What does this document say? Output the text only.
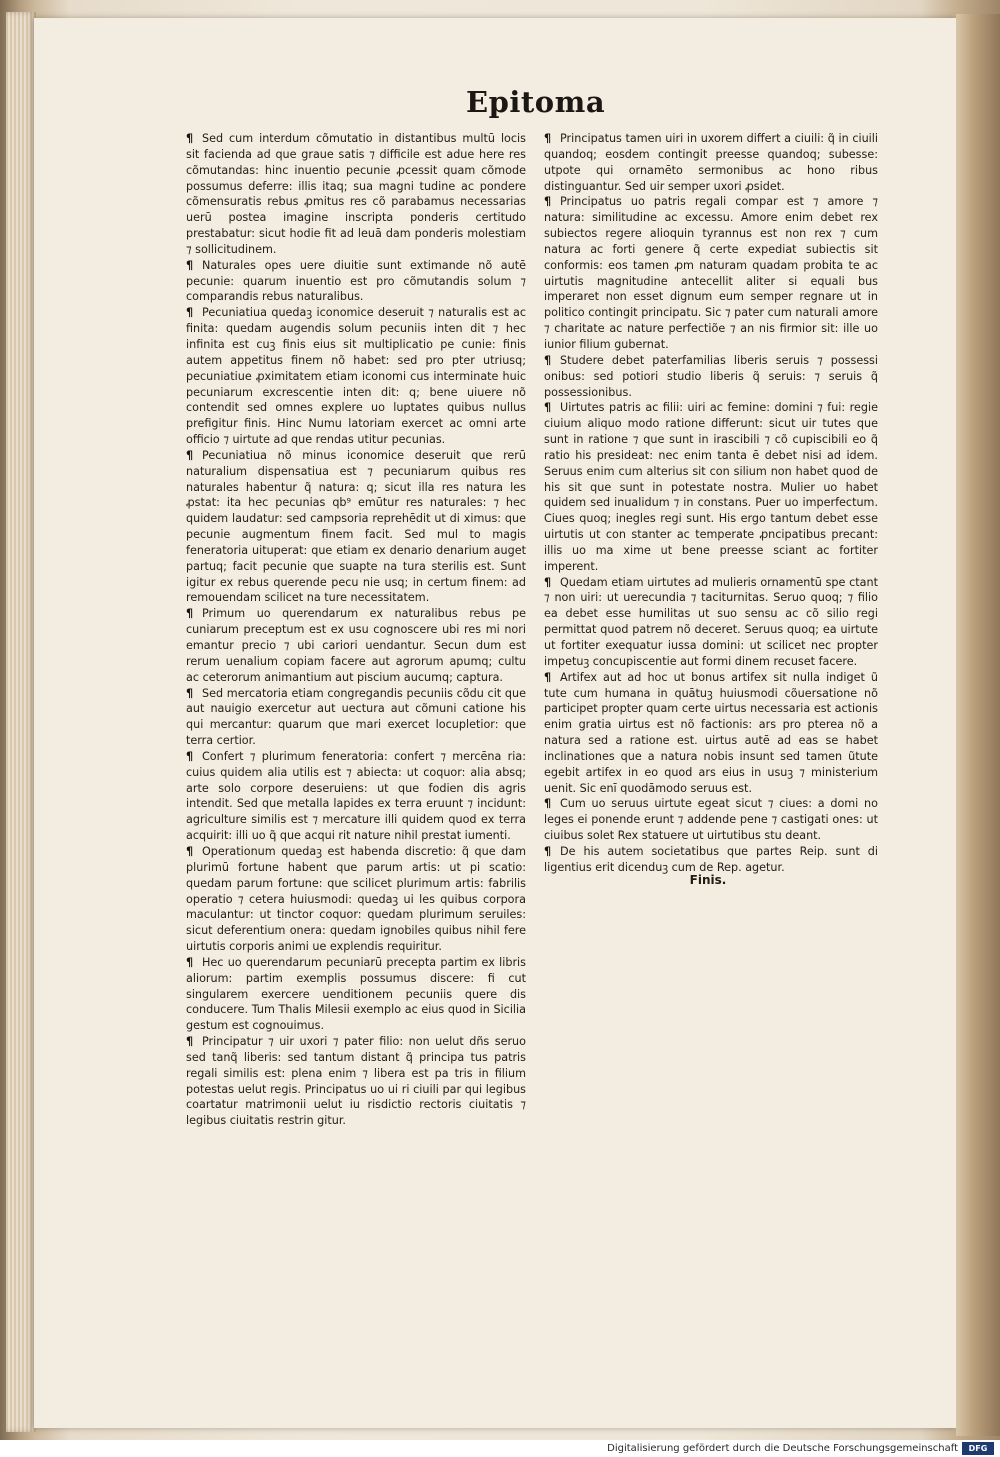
Epitoma

¶ Sed cum interdum cõmutatio in distantibus multū locis sit facienda ad que graue satis ⁊ difficile est adue here res cõmutandas: hinc inuentio pecunie ꝓcessit quam cõmode possumus deferre: illis itaq; sua magni tudine ac pondere cõmensuratis rebus ꝓmitus res cõ parabamus necessarias uerū postea imagine inscripta ponderis certitudo prestabatur: sicut hodie fit ad leuā dam ponderis molestiam ⁊ sollicitudinem.

¶ Naturales opes uere diuitie sunt extimande nõ autē pecunie: quarum inuentio est pro cõmutandis solum ⁊ comparandis rebus naturalibus.

¶ Pecuniatiua quedaꝫ iconomice deseruit ⁊ naturalis est ac finita: quedam augendis solum pecuniis inten dit ⁊ hec infinita est cuꝫ finis eius sit multiplicatio pe cunie: finis autem appetitus finem nõ habet: sed pro pter utriusq; pecuniatiue ꝓximitatem etiam iconomi cus interminate huic pecuniarum excrescentie inten dit: q; bene uiuere nõ contendit sed omnes explere uo luptates quibus nullus prefigitur finis. Hinc Numu latoriam exercet ac omni arte officio ⁊ uirtute ad que rendas utitur pecunias.

¶ Pecuniatiua nõ minus iconomice deseruit que rerū naturalium dispensatiua est ⁊ pecuniarum quibus res naturales habentur q̃ natura: q; sicut illa res natura les ꝓstat: ita hec pecunias qb⁹ emūtur res naturales: ⁊ hec quidem laudatur: sed campsoria reprehēdit ut di ximus: que pecunie augmentum finem facit. Sed mul to magis feneratoria uituperat: que etiam ex denario denarium auget partuq; facit pecunie que suapte na tura sterilis est. Sunt igitur ex rebus querende pecu nie usq; in certum finem: ad remouendam scilicet na ture necessitatem.

¶ Primum uo querendarum ex naturalibus rebus pe cuniarum preceptum est ex usu cognoscere ubi res mi nori emantur precio ⁊ ubi cariori uendantur. Secun dum est rerum uenalium copiam facere aut agrorum apumq; cultu ac ceterorum animantium aut piscium aucumq; captura.

¶ Sed mercatoria etiam congregandis pecuniis cõdu cit que aut nauigio exercetur aut uectura aut cõmuni catione his qui mercantur: quarum que mari exercet locupletior: que terra certior.

¶ Confert ⁊ plurimum feneratoria: confert ⁊ mercēna ria: cuius quidem alia utilis est ⁊ abiecta: ut coquor: alia absq; arte solo corpore deseruiens: ut que fodien dis agris intendit. Sed que metalla lapides ex terra eruunt ⁊ incidunt: agriculture similis est ⁊ mercature illi quidem quod ex terra acquirit: illi uo q̃ que acqui rit nature nihil prestat iumenti.

¶ Operationum quedaꝫ est habenda discretio: q̃ que dam plurimū fortune habent que parum artis: ut pi scatio: quedam parum fortune: que scilicet plurimum artis: fabrilis operatio ⁊ cetera huiusmodi: quedaꝫ ui les quibus corpora maculantur: ut tinctor coquor: quedam plurimum seruiles: sicut deferentium onera: quedam ignobiles quibus nihil fere uirtutis corporis animi ue explendis requiritur.

¶ Hec uo querendarum pecuniarū precepta partim ex libris aliorum: partim exemplis possumus discere: fi cut singularem exercere uenditionem pecuniis quere dis conducere. Tum Thalis Milesii exemplo ac eius quod in Sicilia gestum est cognouimus.

¶ Principatur ⁊ uir uxori ⁊ pater filio: non uelut dñs seruo sed tanq̃ liberis: sed tantum distant q̃ principa tus patris regali similis est: plena enim ⁊ libera est pa tris in filium potestas uelut regis. Principatus uo ui ri ciuili par qui legibus coartatur matrimonii uelut iu risdictio rectoris ciuitatis ⁊ legibus ciuitatis restrin gitur.

¶ Principatus tamen uiri in uxorem differt a ciuili: q̃ in ciuili quandoq; eosdem contingit preesse quandoq; subesse: utpote qui ornamēto sermonibus ac hono ribus distinguantur. Sed uir semper uxori ꝓsidet.

¶ Principatus uo patris regali compar est ⁊ amore ⁊ natura: similitudine ac excessu. Amore enim debet rex subiectos regere alioquin tyrannus est non rex ⁊ cum natura ac forti genere q̃ certe expediat subiectis sit conformis: eos tamen ꝓm naturam quadam probita te ac uirtutis magnitudine antecellit aliter si equali bus imperaret non esset dignum eum semper regnare ut in politico contingit principatu. Sic ⁊ pater cum naturali amore ⁊ charitate ac nature perfectiõe ⁊ an nis firmior sit: ille uo iunior filium gubernat.

¶ Studere debet paterfamilias liberis seruis ⁊ possessi onibus: sed potiori studio liberis q̃ seruis: ⁊ seruis q̃ possessionibus.

¶ Uirtutes patris ac filii: uiri ac femine: domini ⁊ fui: regie ciuium aliquo modo ratione differunt: sicut uir tutes que sunt in ratione ⁊ que sunt in irascibili ⁊ cõ cupiscibili eo q̃ ratio his presideat: nec enim tanta ē debet nisi ad idem. Seruus enim cum alterius sit con silium non habet quod de his sit que sunt in potestate nostra. Mulier uo habet quidem sed inualidum ⁊ in constans. Puer uo imperfectum. Ciues quoq; inegles regi sunt. His ergo tantum debet esse uirtutis ut con stanter ac temperate ꝓncipatibus precant: illis uo ma xime ut bene preesse sciant ac fortiter imperent.

¶ Quedam etiam uirtutes ad mulieris ornamentū spe ctant ⁊ non uiri: ut uerecundia ⁊ taciturnitas. Seruo quoq; ⁊ filio ea debet esse humilitas ut suo sensu ac cõ silio regi permittat quod patrem nõ deceret. Seruus quoq; ea uirtute ut fortiter exequatur iussa domini: ut scilicet nec propter impetuꝫ concupiscentie aut formi dinem recuset facere.

¶ Artifex aut ad hoc ut bonus artifex sit nulla indiget ũ tute cum humana in quātuꝫ huiusmodi cõuersatione nõ participet propter quam certe uirtus necessaria est actionis enim gratia uirtus est nõ factionis: ars pro pterea nõ a natura sed a ratione est. uirtus autē ad eas se habet inclinationes que a natura nobis insunt sed tamen ũtute egebit artifex in eo quod ars eius in usuꝫ ⁊ ministerium uenit. Sic enī quodāmodo seruus est.

¶ Cum uo seruus uirtute egeat sicut ⁊ ciues: a domi no leges ei ponende erunt ⁊ addende pene ⁊ castigati ones: ut ciuibus solet Rex statuere ut uirtutibus stu deant.

¶ De his autem societatibus que partes Reip. sunt di ligentius erit dicenduꝫ cum de Rep. agetur.

Finis.
Digitalisierung gefördert durch die Deutsche Forschungsgemeinschaft	DFG
